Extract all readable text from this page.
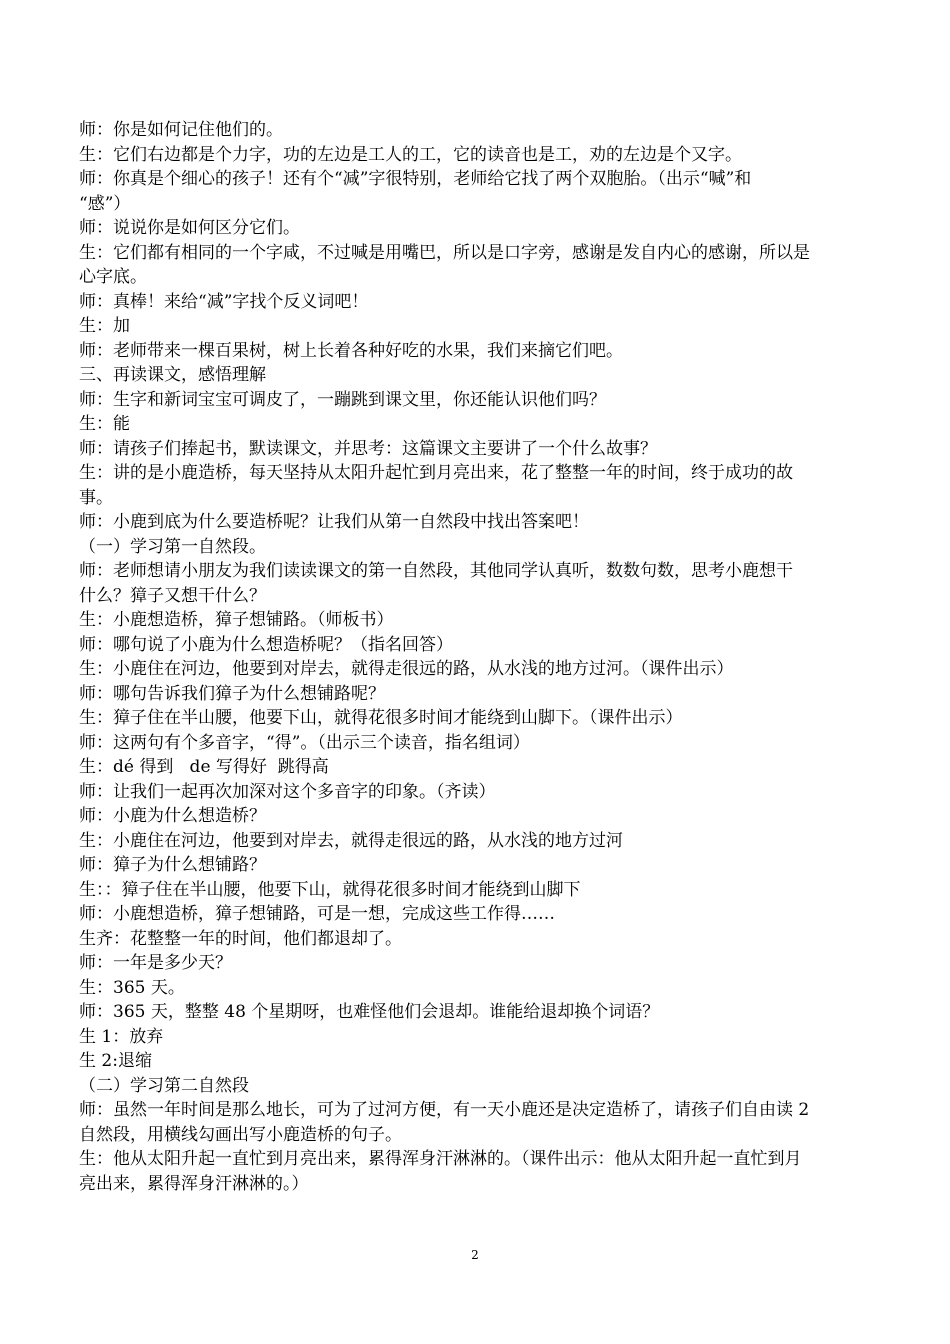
师：你是如何记住他们的。

生：它们右边都是个力字，功的左边是工人的工，它的读音也是工，劝的左边是个又字。

师：你真是个细心的孩子！还有个“减”字很特别，老师给它找了两个双胞胎。（出示“喊”和

“感”）

师：说说你是如何区分它们。

生：它们都有相同的一个字咸，不过喊是用嘴巴，所以是口字旁，感谢是发自内心的感谢，所以是

心字底。

师：真棒！来给“减”字找个反义词吧！

生：加

师：老师带来一棵百果树，树上长着各种好吃的水果，我们来摘它们吧。

三、再读课文，感悟理解

师：生字和新词宝宝可调皮了，一蹦跳到课文里，你还能认识他们吗？

生：能

师：请孩子们捧起书，默读课文，并思考：这篇课文主要讲了一个什么故事？

生：讲的是小鹿造桥，每天坚持从太阳升起忙到月亮出来，花了整整一年的时间，终于成功的故

事。

师：小鹿到底为什么要造桥呢？让我们从第一自然段中找出答案吧！

（一）学习第一自然段。

师：老师想请小朋友为我们读读课文的第一自然段，其他同学认真听，数数句数，思考小鹿想干

什么？獐子又想干什么？

生：小鹿想造桥，獐子想铺路。（师板书）

师：哪句说了小鹿为什么想造桥呢？（指名回答）

生：小鹿住在河边，他要到对岸去，就得走很远的路，从水浅的地方过河。（课件出示）

师：哪句告诉我们獐子为什么想铺路呢？

生：獐子住在半山腰，他要下山，就得花很多时间才能绕到山脚下。（课件出示）

师：这两句有个多音字，“得”。（出示三个读音，指名组词）

生：dé 得到   de 写得好  跳得高

师：让我们一起再次加深对这个多音字的印象。（齐读）

师：小鹿为什么想造桥？

生：小鹿住在河边，他要到对岸去，就得走很远的路，从水浅的地方过河

师：獐子为什么想铺路？

生：：獐子住在半山腰，他要下山，就得花很多时间才能绕到山脚下

师：小鹿想造桥，獐子想铺路，可是一想，完成这些工作得……

生齐：花整整一年的时间，他们都退却了。

师：一年是多少天？

生：365 天。

师：365 天，整整 48 个星期呀，也难怪他们会退却。谁能给退却换个词语？

生 1：放弃

生 2:退缩

（二）学习第二自然段

师：虽然一年时间是那么地长，可为了过河方便，有一天小鹿还是决定造桥了，请孩子们自由读 2

自然段，用横线勾画出写小鹿造桥的句子。

生：他从太阳升起一直忙到月亮出来，累得浑身汗淋淋的。（课件出示：他从太阳升起一直忙到月

亮出来，累得浑身汗淋淋的。）

2
